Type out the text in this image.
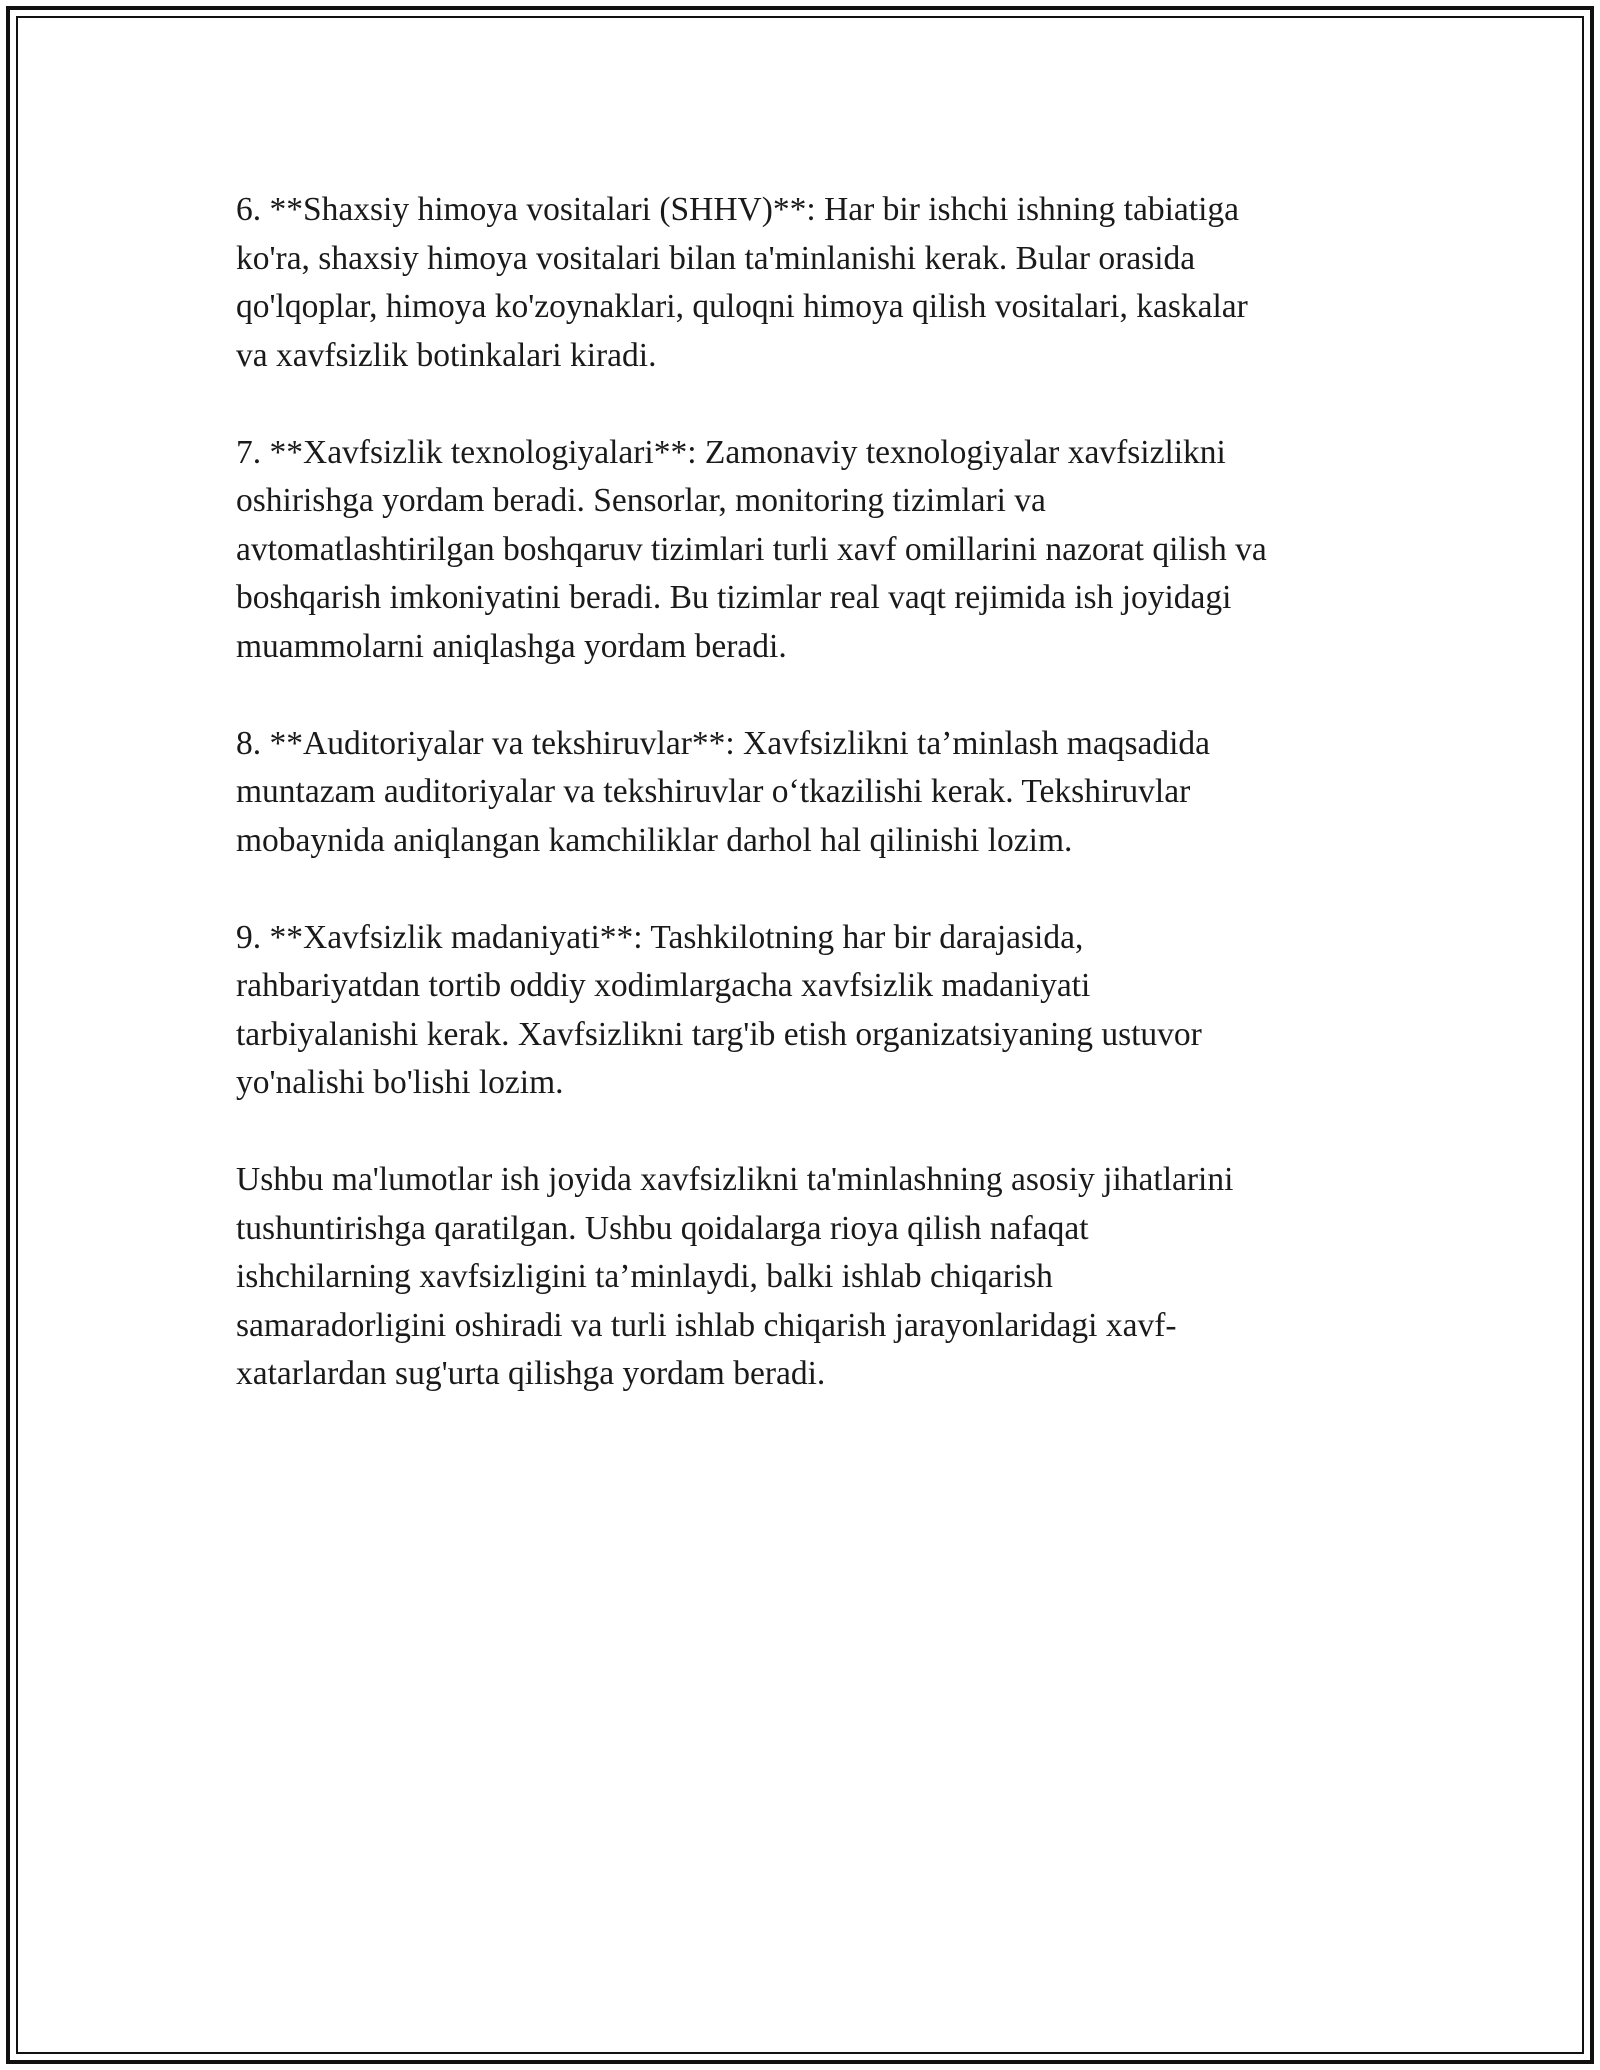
6. **Shaxsiy himoya vositalari (SHHV)**: Har bir ishchi ishning tabiatiga
ko'ra, shaxsiy himoya vositalari bilan ta'minlanishi kerak. Bular orasida
qo'lqoplar, himoya ko'zoynaklari, quloqni himoya qilish vositalari, kaskalar
va xavfsizlik botinkalari kiradi.

7. **Xavfsizlik texnologiyalari**: Zamonaviy texnologiyalar xavfsizlikni
oshirishga yordam beradi. Sensorlar, monitoring tizimlari va
avtomatlashtirilgan boshqaruv tizimlari turli xavf omillarini nazorat qilish va
boshqarish imkoniyatini beradi. Bu tizimlar real vaqt rejimida ish joyidagi
muammolarni aniqlashga yordam beradi.

8. **Auditoriyalar va tekshiruvlar**: Xavfsizlikni ta’minlash maqsadida
muntazam auditoriyalar va tekshiruvlar o‘tkazilishi kerak. Tekshiruvlar
mobaynida aniqlangan kamchiliklar darhol hal qilinishi lozim.

9. **Xavfsizlik madaniyati**: Tashkilotning har bir darajasida,
rahbariyatdan tortib oddiy xodimlargacha xavfsizlik madaniyati
tarbiyalanishi kerak. Xavfsizlikni targ'ib etish organizatsiyaning ustuvor
yo'nalishi bo'lishi lozim.

Ushbu ma'lumotlar ish joyida xavfsizlikni ta'minlashning asosiy jihatlarini
tushuntirishga qaratilgan. Ushbu qoidalarga rioya qilish nafaqat
ishchilarning xavfsizligini ta’minlaydi, balki ishlab chiqarish
samaradorligini oshiradi va turli ishlab chiqarish jarayonlaridagi xavf-
xatarlardan sug'urta qilishga yordam beradi.
